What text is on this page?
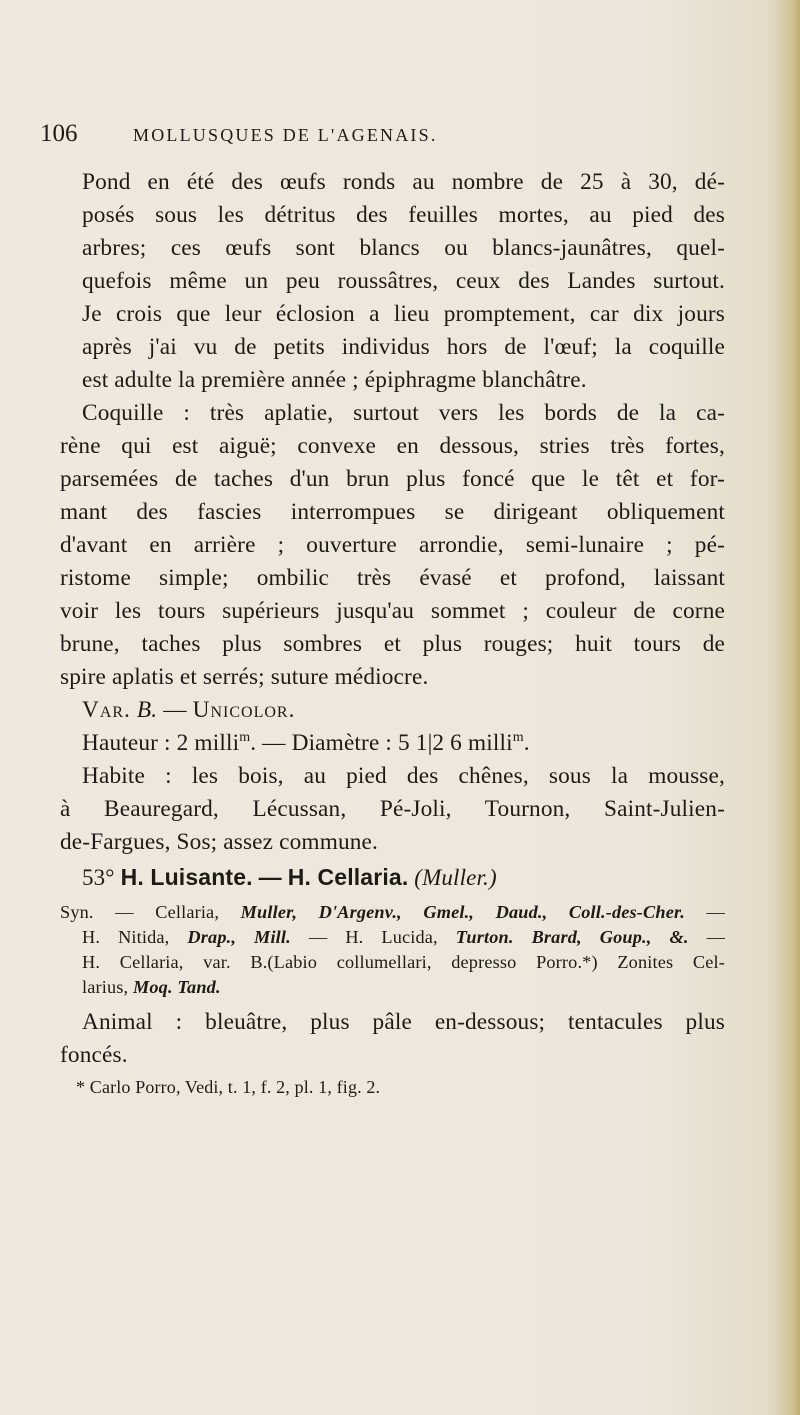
106	MOLLUSQUES DE L'AGENAIS.

Pond en été des œufs ronds au nombre de 25 à 30, dé-
posés sous les détritus des feuilles mortes, au pied des
arbres; ces œufs sont blancs ou blancs-jaunâtres, quel-
quefois même un peu roussâtres, ceux des Landes surtout.
Je crois que leur éclosion a lieu promptement, car dix jours
après j'ai vu de petits individus hors de l'œuf; la coquille
est adulte la première année ; épiphragme blanchâtre.

Coquille : très aplatie, surtout vers les bords de la ca-
rène qui est aiguë; convexe en dessous, stries très fortes,
parsemées de taches d'un brun plus foncé que le têt et for-
mant des fascies interrompues se dirigeant obliquement
d'avant en arrière ; ouverture arrondie, semi-lunaire ; pé-
ristome simple; ombilic très évasé et profond, laissant
voir les tours supérieurs jusqu'au sommet ; couleur de corne
brune, taches plus sombres et plus rouges; huit tours de
spire aplatis et serrés; suture médiocre.

Var. B. — Unicolor.

Hauteur : 2 milli$^m$. — Diamètre : 5 1|2 6 milli$^m$.

Habite : les bois, au pied des chênes, sous la mousse,
à Beauregard, Lécussan, Pé-Joli, Tournon, Saint-Julien-
de-Fargues, Sos; assez commune.

53° H. Luisante. — H. Cellaria. (Muller.)

Syn. — Cellaria, Muller, D'Argenv., Gmel., Daud., Coll.-des-Cher. —
H. Nitida, Drap., Mill. — H. Lucida, Turton. Brard, Goup., &. —
H. Cellaria, var. B.(Labio collumellari, depresso Porro.*) Zonites Cel-
larius, Moq. Tand.

Animal : bleuâtre, plus pâle en-dessous; tentacules plus
foncés.

* Carlo Porro, Vedi, t. 1, f. 2, pl. 1, fig. 2.
